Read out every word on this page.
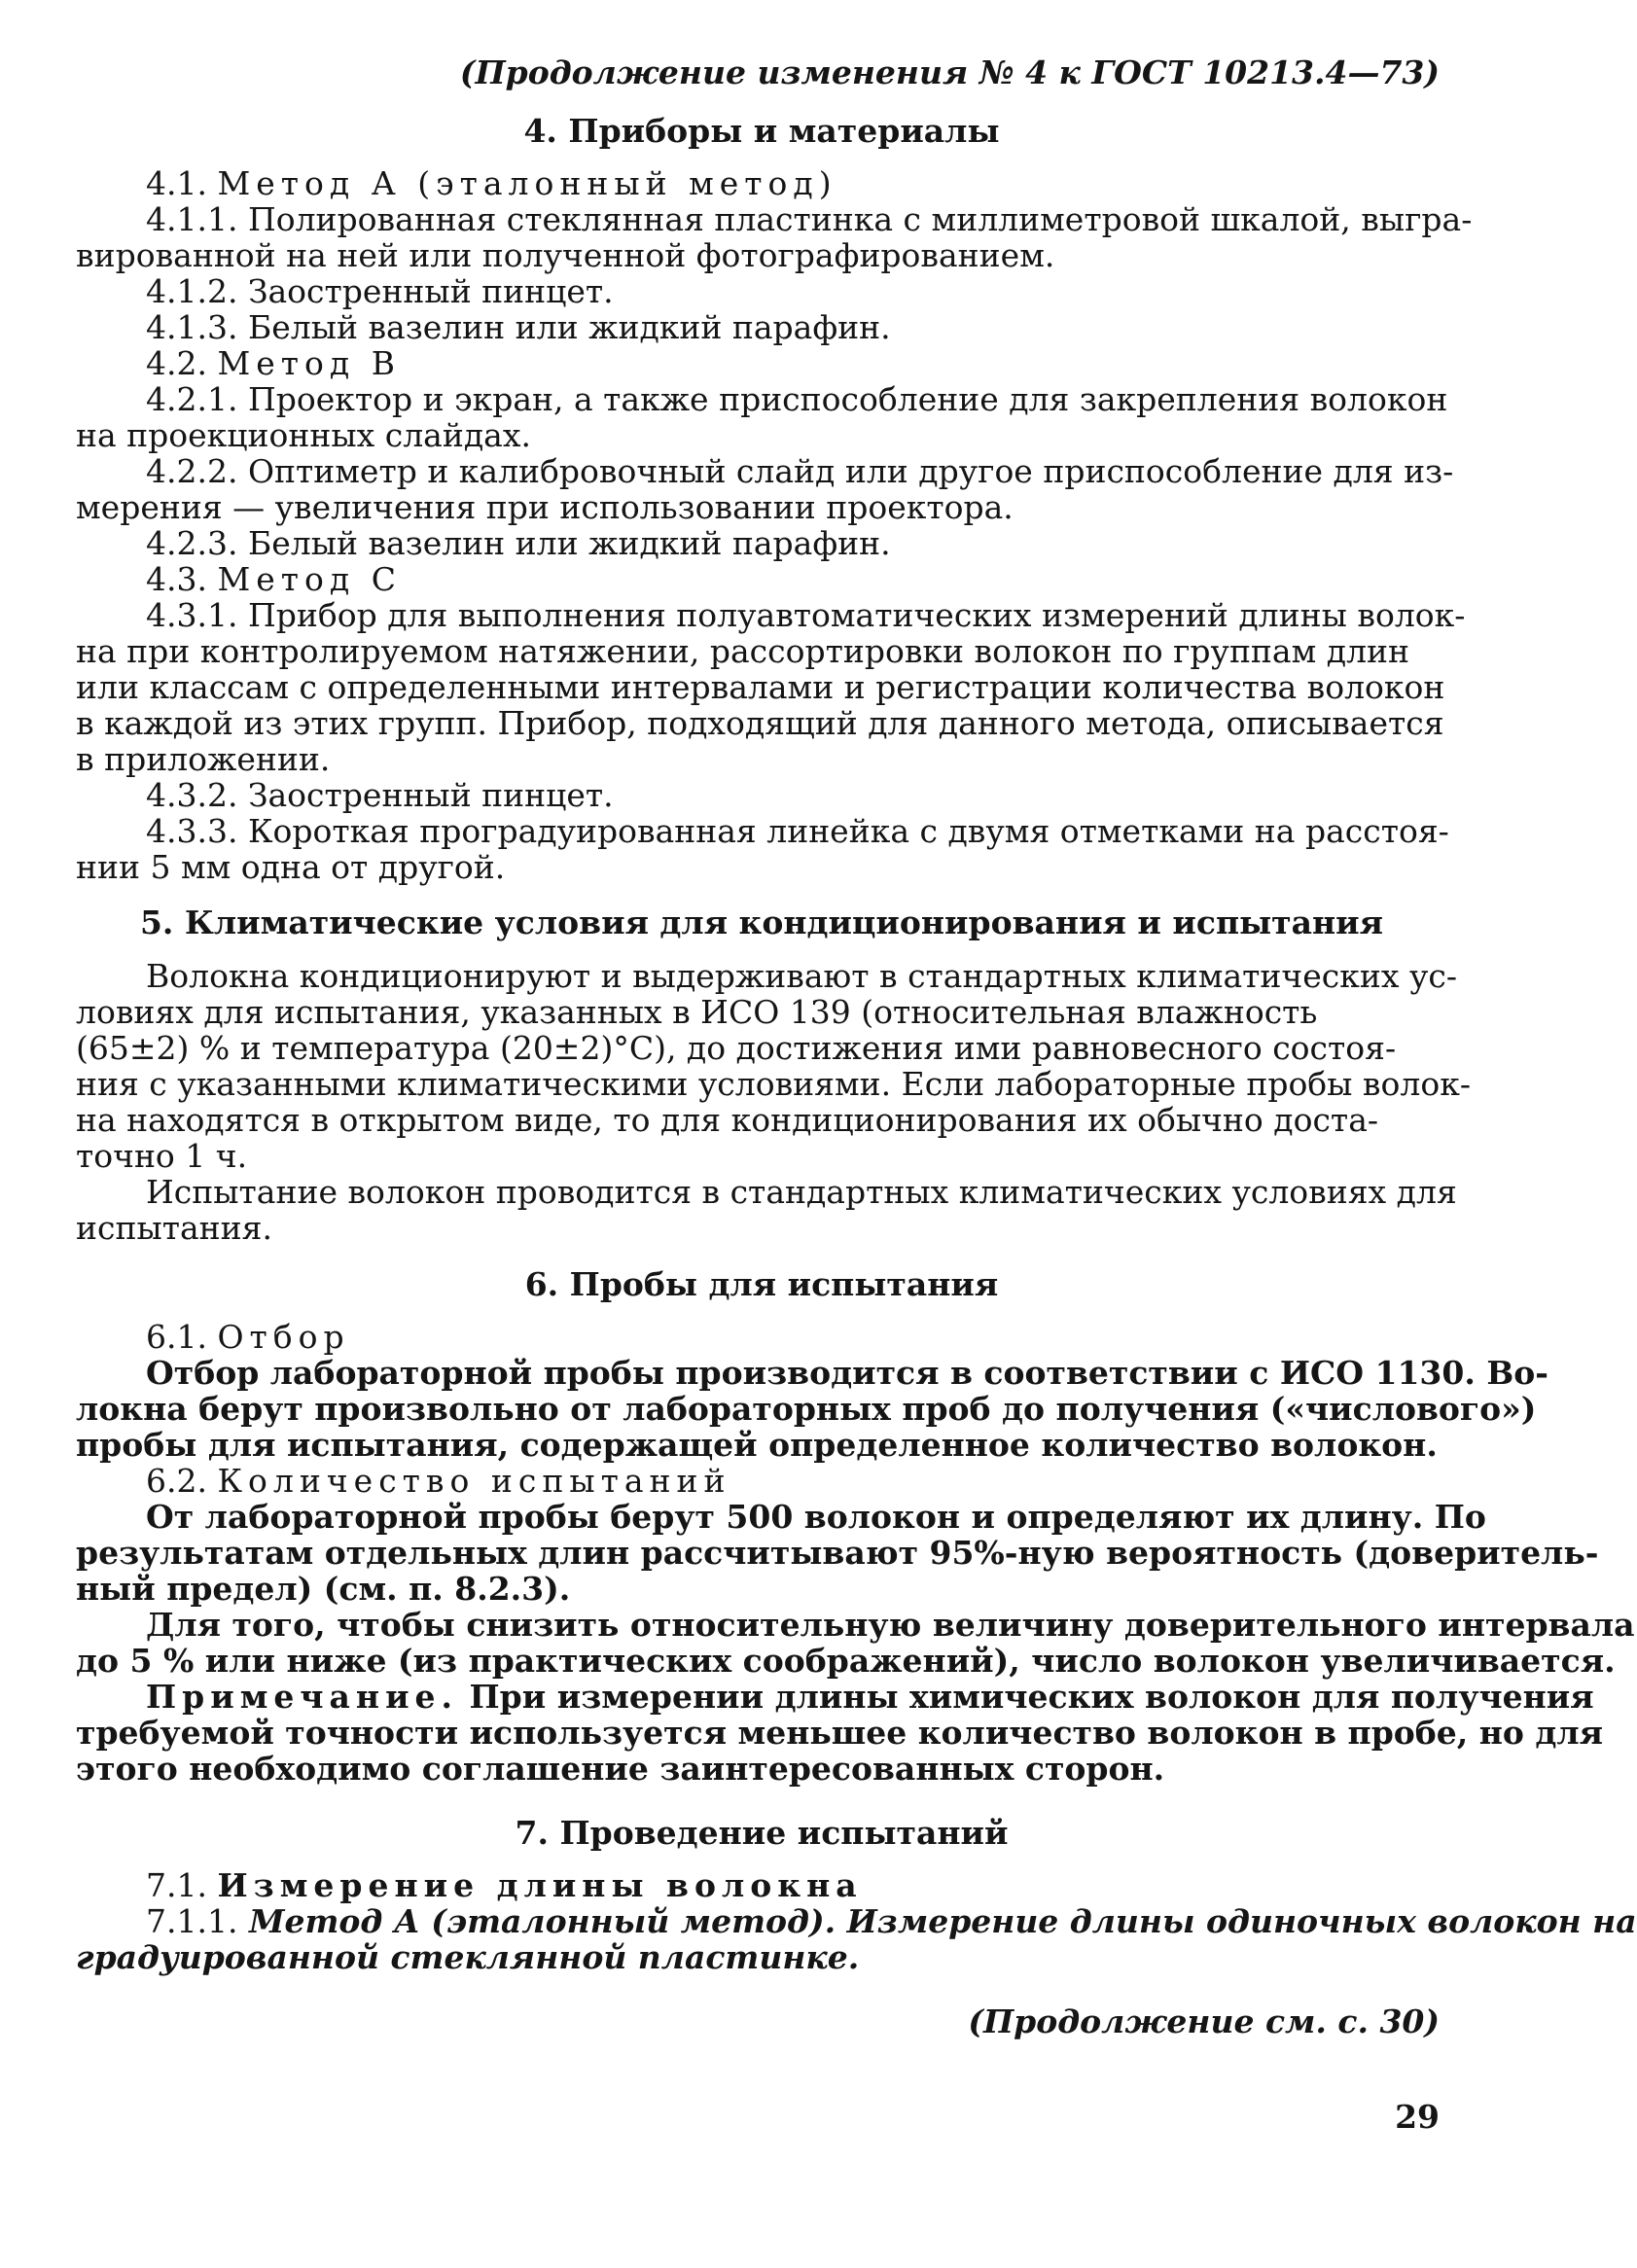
(Продолжение изменения № 4 к ГОСТ 10213.4—73)
4. Приборы и материалы
4.1. Метод А (эталонный метод)
4.1.1. Полированная стеклянная пластинка с миллиметровой шкалой, выгра-
вированной на ней или полученной фотографированием.
4.1.2. Заостренный пинцет.
4.1.3. Белый вазелин или жидкий парафин.
4.2. Метод В
4.2.1. Проектор и экран, а также приспособление для закрепления волокон
на проекционных слайдах.
4.2.2. Оптиметр и калибровочный слайд или другое приспособление для из-
мерения — увеличения при использовании проектора.
4.2.3. Белый вазелин или жидкий парафин.
4.3. Метод С
4.3.1. Прибор для выполнения полуавтоматических измерений длины волок-
на при контролируемом натяжении, рассортировки волокон по группам длин
или классам с определенными интервалами и регистрации количества волокон
в каждой из этих групп. Прибор, подходящий для данного метода, описывается
в приложении.
4.3.2. Заостренный пинцет.
4.3.3. Короткая проградуированная линейка с двумя отметками на расстоя-
нии 5 мм одна от другой.
5. Климатические условия для кондиционирования и испытания
Волокна кондиционируют и выдерживают в стандартных климатических ус-
ловиях для испытания, указанных в ИСО 139 (относительная влажность
(65±2) % и температура (20±2)°С), до достижения ими равновесного состоя-
ния с указанными климатическими условиями. Если лабораторные пробы волок-
на находятся в открытом виде, то для кондиционирования их обычно доста-
точно 1 ч.
Испытание волокон проводится в стандартных климатических условиях для
испытания.
6. Пробы для испытания
6.1. Отбор
Отбор лабораторной пробы производится в соответствии с ИСО 1130. Во-
локна берут произвольно от лабораторных проб до получения («числового»)
пробы для испытания, содержащей определенное количество волокон.
6.2. Количество испытаний
От лабораторной пробы берут 500 волокон и определяют их длину. По
результатам отдельных длин рассчитывают 95%-ную вероятность (доверитель-
ный предел) (см. п. 8.2.3).
Для того, чтобы снизить относительную величину доверительного интервала
до 5 % или ниже (из практических соображений), число волокон увеличивается.
Примечание. При измерении длины химических волокон для получения
требуемой точности используется меньшее количество волокон в пробе, но для
этого необходимо соглашение заинтересованных сторон.
7. Проведение испытаний
7.1. Измерение длины волокна
7.1.1. Метод А (эталонный метод). Измерение длины одиночных волокон на
градуированной стеклянной пластинке.
(Продолжение см. с. 30)
29
